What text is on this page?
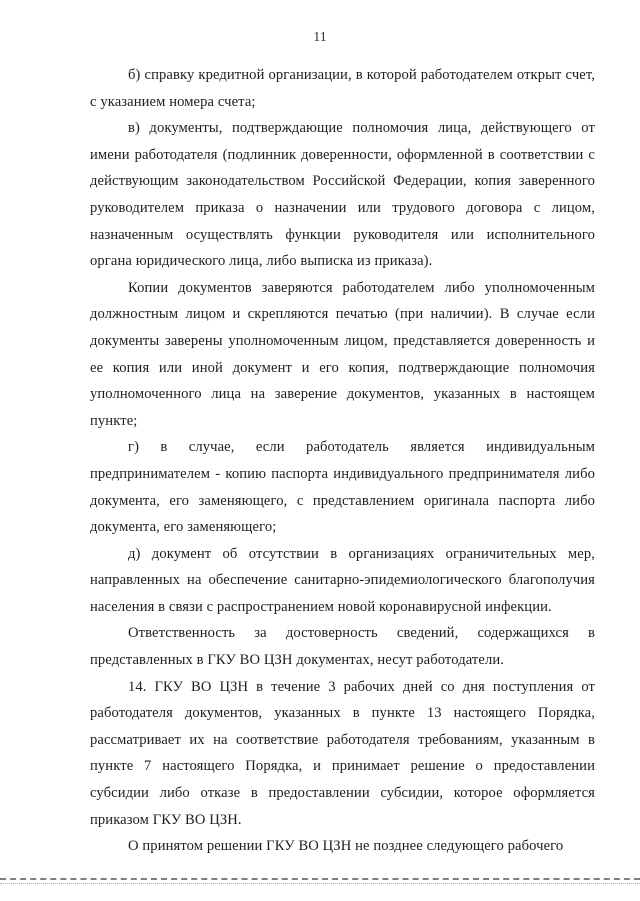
11

б) справку кредитной организации, в которой работодателем открыт счет, с указанием номера счета;

в) документы, подтверждающие полномочия лица, действующего от имени работодателя (подлинник доверенности, оформленной в соответствии с действующим законодательством Российской Федерации, копия заверенного руководителем приказа о назначении или трудового договора с лицом, назначенным осуществлять функции руководителя или исполнительного органа юридического лица, либо выписка из приказа).

Копии документов заверяются работодателем либо уполномоченным должностным лицом и скрепляются печатью (при наличии). В случае если документы заверены уполномоченным лицом, представляется доверенность и ее копия или иной документ и его копия, подтверждающие полномочия уполномоченного лица на заверение документов, указанных в настоящем пункте;

г) в случае, если работодатель является индивидуальным предпринимателем - копию паспорта индивидуального предпринимателя либо документа, его заменяющего, с представлением оригинала паспорта либо документа, его заменяющего;

д) документ об отсутствии в организациях ограничительных мер, направленных на обеспечение санитарно-эпидемиологического благополучия населения в связи с распространением новой коронавирусной инфекции.

Ответственность за достоверность сведений, содержащихся в представленных в ГКУ ВО ЦЗН документах, несут работодатели.

14. ГКУ ВО ЦЗН в течение 3 рабочих дней со дня поступления от работодателя документов, указанных в пункте 13 настоящего Порядка, рассматривает их на соответствие работодателя требованиям, указанным в пункте 7 настоящего Порядка, и принимает решение о предоставлении субсидии либо отказе в предоставлении субсидии, которое оформляется приказом ГКУ ВО ЦЗН.

О принятом решении ГКУ ВО ЦЗН не позднее следующего рабочего
